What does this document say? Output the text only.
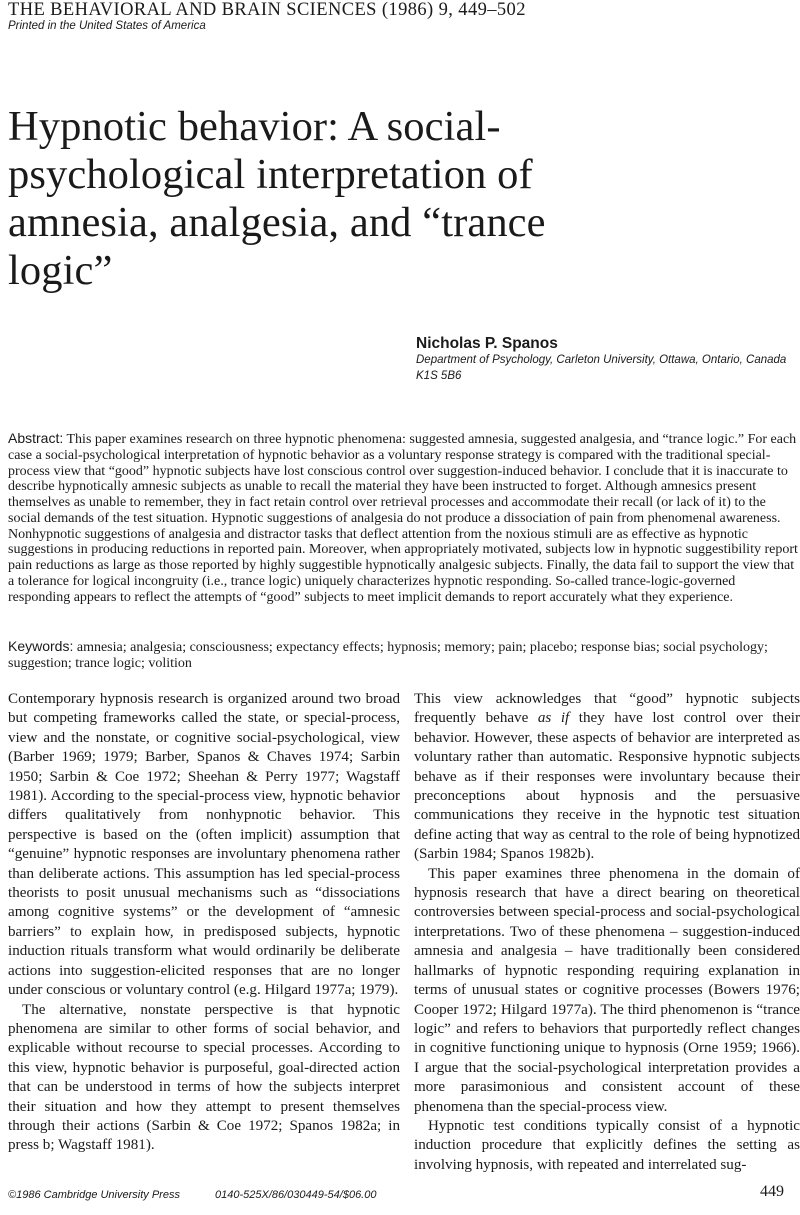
THE BEHAVIORAL AND BRAIN SCIENCES (1986) 9, 449–502
Printed in the United States of America
Hypnotic behavior: A social-
psychological interpretation of
amnesia, analgesia, and “trance
logic”
Nicholas P. Spanos
Department of Psychology, Carleton University, Ottawa, Ontario, Canada K1S 5B6

Abstract: This paper examines research on three hypnotic phenomena: suggested amnesia, suggested analgesia, and “trance logic.” For each case a social-psychological interpretation of hypnotic behavior as a voluntary response strategy is compared with the traditional special-process view that “good” hypnotic subjects have lost conscious control over suggestion-induced behavior. I conclude that it is inaccurate to describe hypnotically amnesic subjects as unable to recall the material they have been instructed to forget. Although amnesics present themselves as unable to remember, they in fact retain control over retrieval processes and accommodate their recall (or lack of it) to the social demands of the test situation. Hypnotic suggestions of analgesia do not produce a dissociation of pain from phenomenal awareness. Nonhypnotic suggestions of analgesia and distractor tasks that deflect attention from the noxious stimuli are as effective as hypnotic suggestions in producing reductions in reported pain. Moreover, when appropriately motivated, subjects low in hypnotic suggestibility report pain reductions as large as those reported by highly suggestible hypnotically analgesic subjects. Finally, the data fail to support the view that a tolerance for logical incongruity (i.e., trance logic) uniquely characterizes hypnotic responding. So-called trance-logic-governed responding appears to reflect the attempts of “good” subjects to meet implicit demands to report accurately what they experience.

Keywords: amnesia; analgesia; consciousness; expectancy effects; hypnosis; memory; pain; placebo; response bias; social psychology; suggestion; trance logic; volition

Contemporary hypnosis research is organized around two broad but competing frameworks called the state, or special-process, view and the nonstate, or cognitive social-psychological, view (Barber 1969; 1979; Barber, Spanos & Chaves 1974; Sarbin 1950; Sarbin & Coe 1972; Sheehan & Perry 1977; Wagstaff 1981). According to the special-process view, hypnotic behavior differs qualitatively from nonhypnotic behavior. This perspective is based on the (often implicit) assumption that “genuine” hypnotic responses are involuntary phenomena rather than deliberate actions. This assumption has led special-process theorists to posit unusual mechanisms such as “dissociations among cognitive systems” or the development of “amnesic barriers” to explain how, in predisposed subjects, hypnotic induction rituals transform what would ordinarily be deliberate actions into suggestion-elicited responses that are no longer under conscious or voluntary control (e.g. Hilgard 1977a; 1979).

The alternative, nonstate perspective is that hypnotic phenomena are similar to other forms of social behavior, and explicable without recourse to special processes. According to this view, hypnotic behavior is purposeful, goal-directed action that can be understood in terms of how the subjects interpret their situation and how they attempt to present themselves through their actions (Sarbin & Coe 1972; Spanos 1982a; in press b; Wagstaff 1981).

This view acknowledges that “good” hypnotic subjects frequently behave as if they have lost control over their behavior. However, these aspects of behavior are interpreted as voluntary rather than automatic. Responsive hypnotic subjects behave as if their responses were involuntary because their preconceptions about hypnosis and the persuasive communications they receive in the hypnotic test situation define acting that way as central to the role of being hypnotized (Sarbin 1984; Spanos 1982b).

This paper examines three phenomena in the domain of hypnosis research that have a direct bearing on theoretical controversies between special-process and social-psychological interpretations. Two of these phenomena – suggestion-induced amnesia and analgesia – have traditionally been considered hallmarks of hypnotic responding requiring explanation in terms of unusual states or cognitive processes (Bowers 1976; Cooper 1972; Hilgard 1977a). The third phenomenon is “trance logic” and refers to behaviors that purportedly reflect changes in cognitive functioning unique to hypnosis (Orne 1959; 1966). I argue that the social-psychological interpretation provides a more parasimonious and consistent account of these phenomena than the special-process view.

Hypnotic test conditions typically consist of a hypnotic induction procedure that explicitly defines the setting as involving hypnosis, with repeated and interrelated sug-

©1986 Cambridge University Press	0140-525X/86/030449-54/$06.00	449
